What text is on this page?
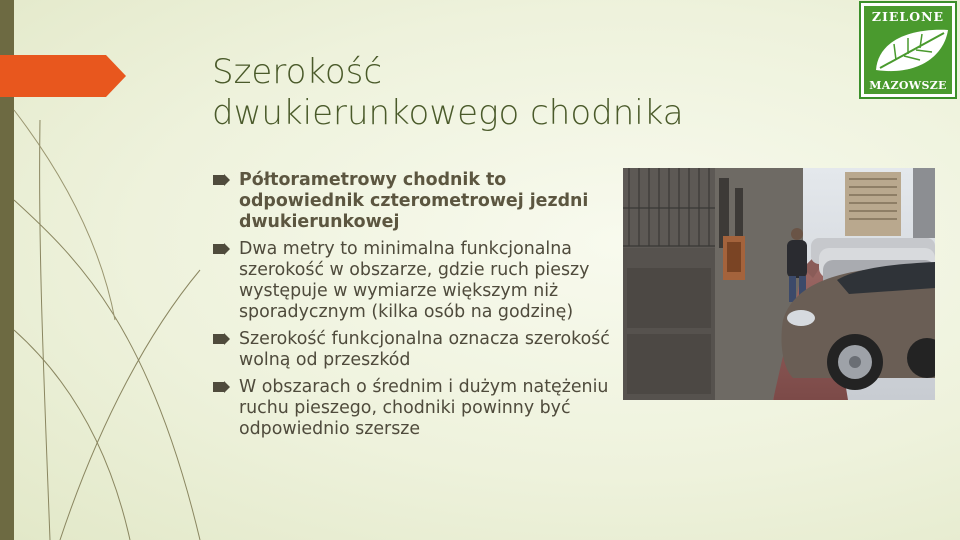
Szerokość
dwukierunkowego chodnika
Półtorametrowy chodnik to odpowiednik czterometrowej jezdni dwukierunkowej
Dwa metry to minimalna funkcjonalna szerokość w obszarze, gdzie ruch pieszy występuje w wymiarze większym niż sporadycznym (kilka osób na godzinę)
Szerokość funkcjonalna oznacza szerokość wolną od przeszkód
W obszarach o średnim i dużym natężeniu ruchu pieszego, chodniki powinny być odpowiednio szersze
ZIELONE
MAZOWSZE
